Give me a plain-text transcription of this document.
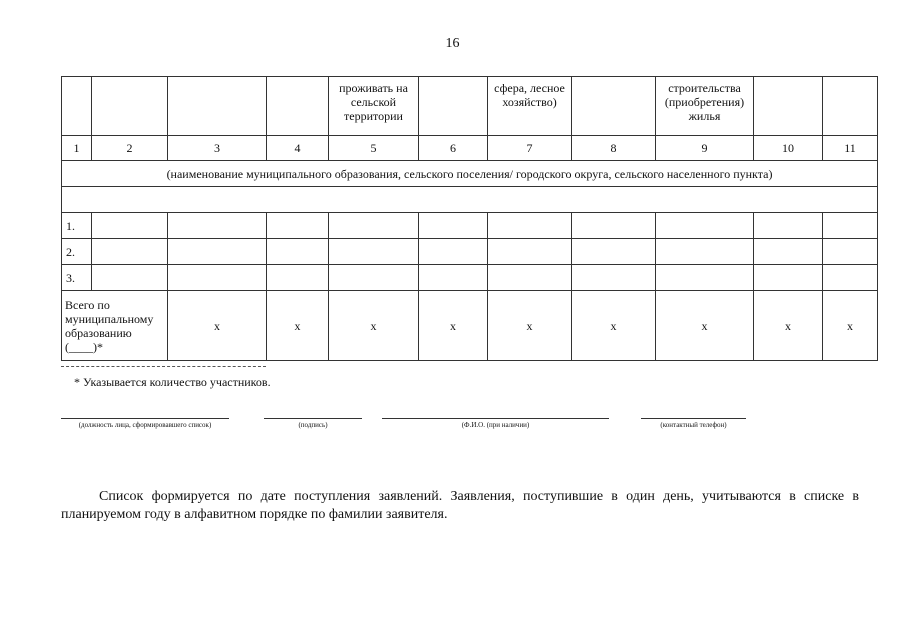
16
				проживать на сельской территории		сфера, лесное хозяйство)		строительства (приобретения) жилья		
1	2	3	4	5	6	7	8	9	10	11
(наименование муниципального образования, сельского поселения/ городского округа, сельского населенного пункта)										

1.										
2.										
3.										
Всего по муниципальному образованию (____)*		x	x	x	x	x	x	x	x	x
* Указывается количество участников.
(должность лица, сформировавшего список)	(подпись)	(Ф.И.О. (при наличии)	(контактный телефон)
Список формируется по дате поступления заявлений. Заявления, поступившие в один день, учитываются в списке в планируемом году в алфавитном порядке по фамилии заявителя.
